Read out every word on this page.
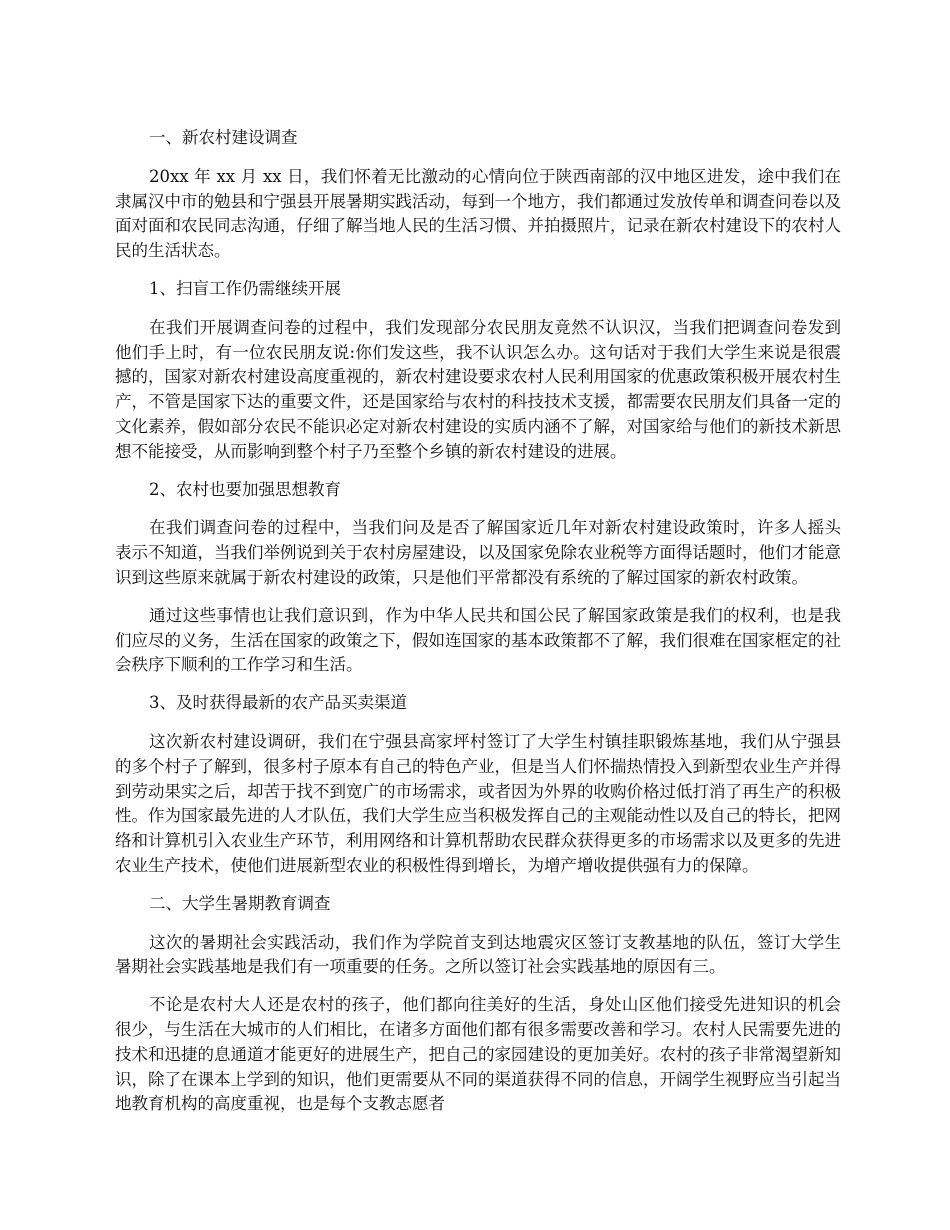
一、新农村建设调查

20xx 年 xx 月 xx 日，我们怀着无比激动的心情向位于陕西南部的汉中地区进发，途中我们在隶属汉中市的勉县和宁强县开展暑期实践活动，每到一个地方，我们都通过发放传单和调查问卷以及面对面和农民同志沟通，仔细了解当地人民的生活习惯、并拍摄照片，记录在新农村建设下的农村人民的生活状态。

1、扫盲工作仍需继续开展

在我们开展调查问卷的过程中，我们发现部分农民朋友竟然不认识汉，当我们把调查问卷发到他们手上时，有一位农民朋友说:你们发这些，我不认识怎么办。这句话对于我们大学生来说是很震撼的，国家对新农村建设高度重视的，新农村建设要求农村人民利用国家的优惠政策积极开展农村生产，不管是国家下达的重要文件，还是国家给与农村的科技技术支援，都需要农民朋友们具备一定的文化素养，假如部分农民不能识必定对新农村建设的实质内涵不了解，对国家给与他们的新技术新思想不能接受，从而影响到整个村子乃至整个乡镇的新农村建设的进展。

2、农村也要加强思想教育

在我们调查问卷的过程中，当我们问及是否了解国家近几年对新农村建设政策时，许多人摇头表示不知道，当我们举例说到关于农村房屋建设，以及国家免除农业税等方面得话题时，他们才能意识到这些原来就属于新农村建设的政策，只是他们平常都没有系统的了解过国家的新农村政策。

通过这些事情也让我们意识到，作为中华人民共和国公民了解国家政策是我们的权利，也是我们应尽的义务，生活在国家的政策之下，假如连国家的基本政策都不了解，我们很难在国家框定的社会秩序下顺利的工作学习和生活。

3、及时获得最新的农产品买卖渠道

这次新农村建设调研，我们在宁强县高家坪村签订了大学生村镇挂职锻炼基地，我们从宁强县的多个村子了解到，很多村子原本有自己的特色产业，但是当人们怀揣热情投入到新型农业生产并得到劳动果实之后，却苦于找不到宽广的市场需求，或者因为外界的收购价格过低打消了再生产的积极性。作为国家最先进的人才队伍，我们大学生应当积极发挥自己的主观能动性以及自己的特长，把网络和计算机引入农业生产环节，利用网络和计算机帮助农民群众获得更多的市场需求以及更多的先进农业生产技术，使他们进展新型农业的积极性得到增长，为增产增收提供强有力的保障。

二、大学生暑期教育调查

这次的暑期社会实践活动，我们作为学院首支到达地震灾区签订支教基地的队伍，签订大学生暑期社会实践基地是我们有一项重要的任务。之所以签订社会实践基地的原因有三。

不论是农村大人还是农村的孩子，他们都向往美好的生活，身处山区他们接受先进知识的机会很少，与生活在大城市的人们相比，在诸多方面他们都有很多需要改善和学习。农村人民需要先进的技术和迅捷的息通道才能更好的进展生产，把自己的家园建设的更加美好。农村的孩子非常渴望新知识，除了在课本上学到的知识，他们更需要从不同的渠道获得不同的信息，开阔学生视野应当引起当地教育机构的高度重视，也是每个支教志愿者
